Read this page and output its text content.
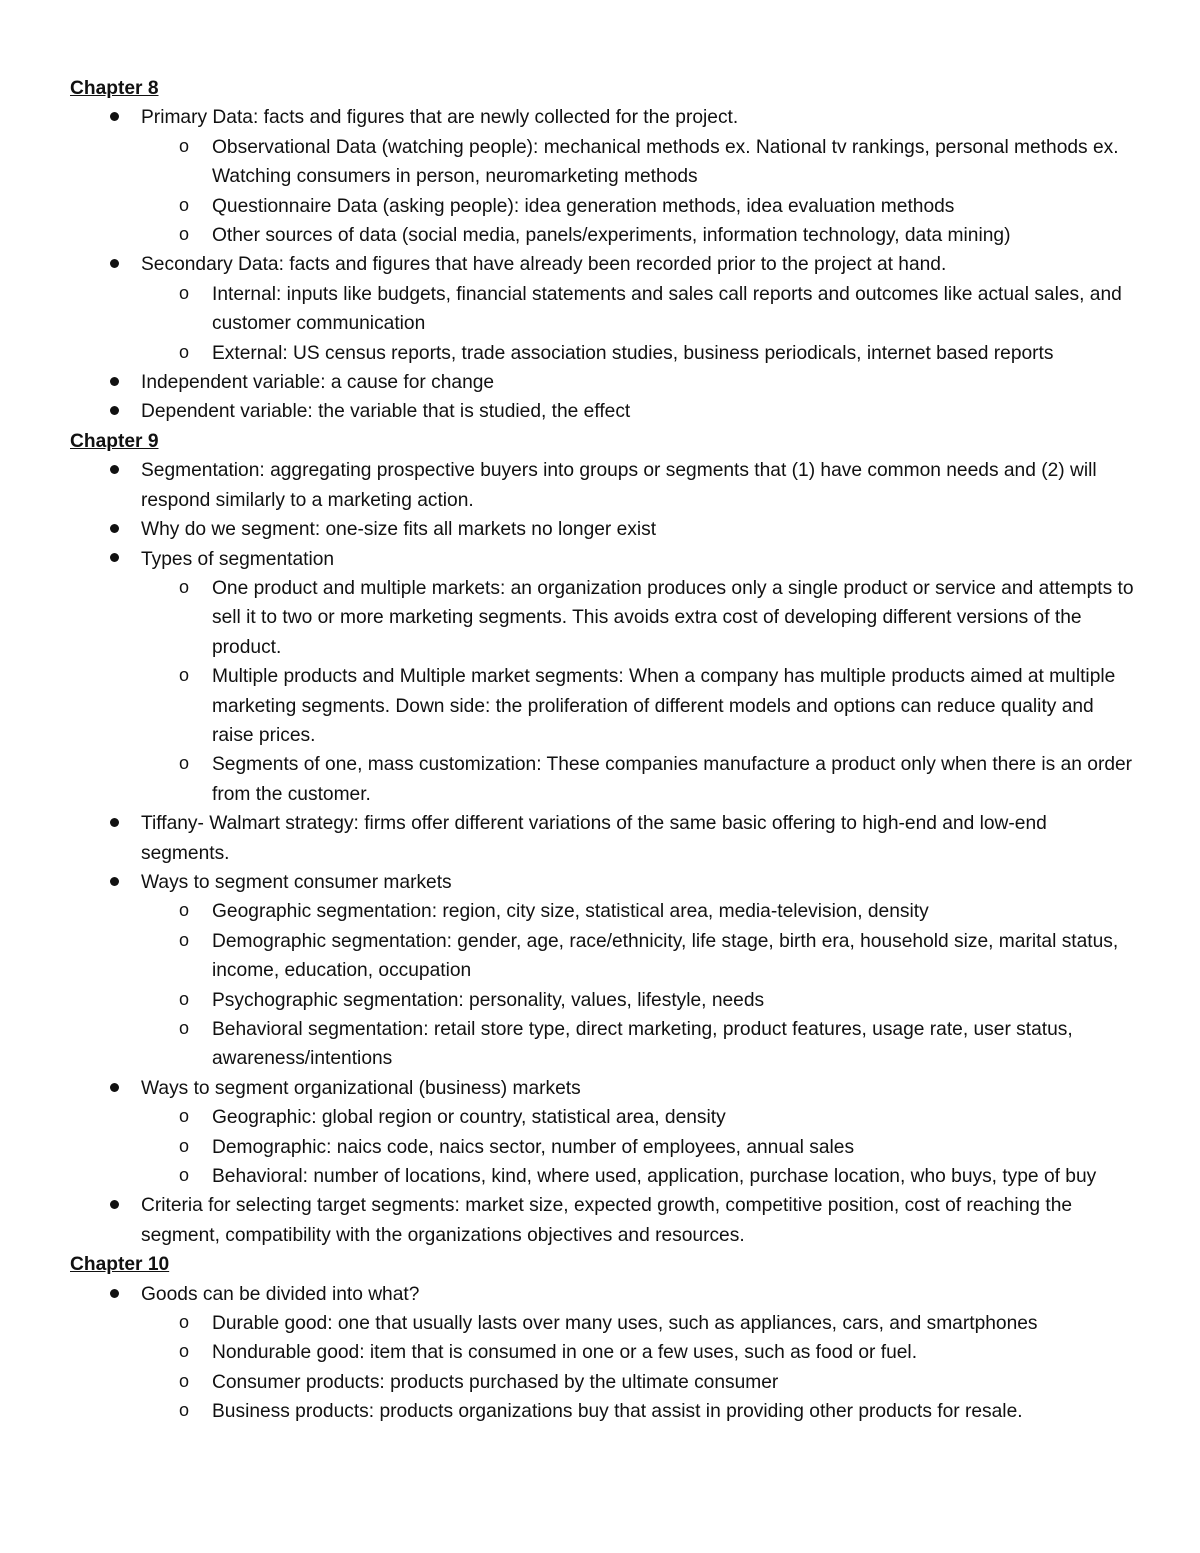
Chapter 8
Primary Data: facts and figures that are newly collected for the project.
o Observational Data (watching people): mechanical methods ex. National tv rankings, personal methods ex. Watching consumers in person, neuromarketing methods
o Questionnaire Data (asking people): idea generation methods, idea evaluation methods
o Other sources of data (social media, panels/experiments, information technology, data mining)
Secondary Data: facts and figures that have already been recorded prior to the project at hand.
o Internal: inputs like budgets, financial statements and sales call reports and outcomes like actual sales, and customer communication
o External: US census reports, trade association studies, business periodicals, internet based reports
Independent variable: a cause for change
Dependent variable: the variable that is studied, the effect
Chapter 9
Segmentation: aggregating prospective buyers into groups or segments that (1) have common needs and (2) will respond similarly to a marketing action.
Why do we segment: one-size fits all markets no longer exist
Types of segmentation
o One product and multiple markets: an organization produces only a single product or service and attempts to sell it to two or more marketing segments. This avoids extra cost of developing different versions of the product.
o Multiple products and Multiple market segments: When a company has multiple products aimed at multiple marketing segments. Down side: the proliferation of different models and options can reduce quality and raise prices.
o Segments of one, mass customization: These companies manufacture a product only when there is an order from the customer.
Tiffany- Walmart strategy: firms offer different variations of the same basic offering to high-end and low-end segments.
Ways to segment consumer markets
o Geographic segmentation: region, city size, statistical area, media-television, density
o Demographic segmentation: gender, age, race/ethnicity, life stage, birth era, household size, marital status, income, education, occupation
o Psychographic segmentation: personality, values, lifestyle, needs
o Behavioral segmentation: retail store type, direct marketing, product features, usage rate, user status, awareness/intentions
Ways to segment organizational (business) markets
o Geographic: global region or country, statistical area, density
o Demographic: naics code, naics sector, number of employees, annual sales
o Behavioral: number of locations, kind, where used, application, purchase location, who buys, type of buy
Criteria for selecting target segments: market size, expected growth, competitive position, cost of reaching the segment, compatibility with the organizations objectives and resources.
Chapter 10
Goods can be divided into what?
o Durable good: one that usually lasts over many uses, such as appliances, cars, and smartphones
o Nondurable good: item that is consumed in one or a few uses, such as food or fuel.
o Consumer products: products purchased by the ultimate consumer
o Business products: products organizations buy that assist in providing other products for resale.
